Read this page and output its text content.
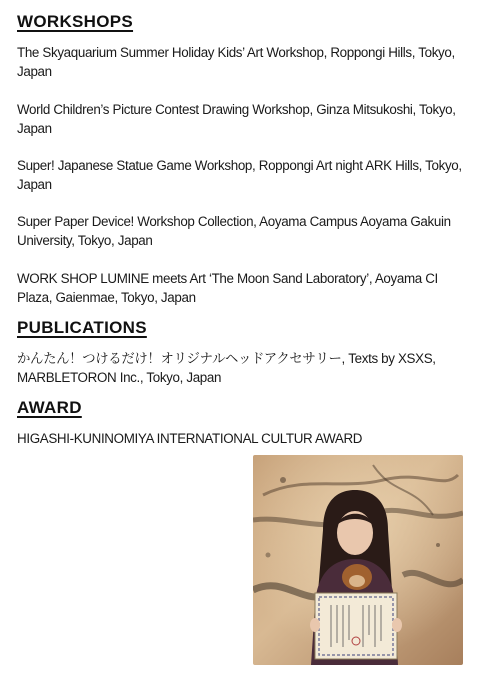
WORKSHOPS

The Skyaquarium Summer Holiday Kids’ Art Workshop, Roppongi Hills, Tokyo, Japan

World Children’s Picture Contest Drawing Workshop, Ginza Mitsukoshi, Tokyo, Japan

Super! Japanese Statue Game Workshop, Roppongi Art night ARK Hills, Tokyo, Japan

Super Paper Device! Workshop Collection, Aoyama Campus Aoyama Gakuin University, Tokyo, Japan

WORK SHOP LUMINE meets Art ‘The Moon Sand Laboratory’, Aoyama CI Plaza, Gaienmae, Tokyo, Japan

PUBLICATIONS

かんたん！つけるだけ！オリジナルヘッドアクセサリー, Texts by XSXS, MARBLETORON Inc., Tokyo, Japan

AWARD

HIGASHI-KUNINOMIYA INTERNATIONAL CULTUR AWARD
